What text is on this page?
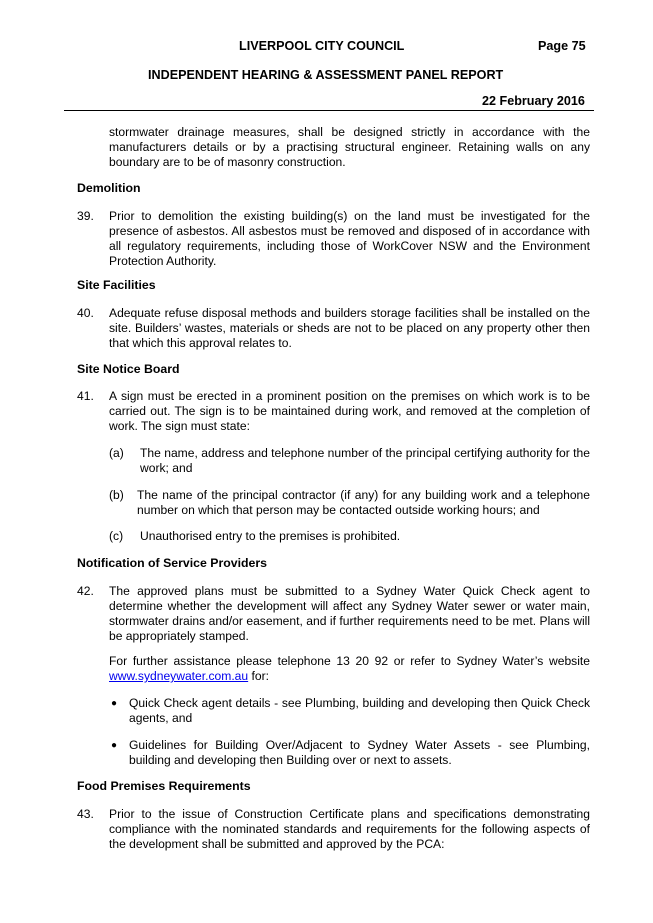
LIVERPOOL CITY COUNCIL	Page 75
INDEPENDENT HEARING & ASSESSMENT PANEL REPORT
22 February 2016
stormwater drainage measures, shall be designed strictly in accordance with the manufacturers details or by a practising structural engineer. Retaining walls on any boundary are to be of masonry construction.
Demolition
39. Prior to demolition the existing building(s) on the land must be investigated for the presence of asbestos. All asbestos must be removed and disposed of in accordance with all regulatory requirements, including those of WorkCover NSW and the Environment Protection Authority.
Site Facilities
40. Adequate refuse disposal methods and builders storage facilities shall be installed on the site. Builders’ wastes, materials or sheds are not to be placed on any property other then that which this approval relates to.
Site Notice Board
41. A sign must be erected in a prominent position on the premises on which work is to be carried out. The sign is to be maintained during work, and removed at the completion of work. The sign must state:
(a) The name, address and telephone number of the principal certifying authority for the work; and
(b) The name of the principal contractor (if any) for any building work and a telephone number on which that person may be contacted outside working hours; and
(c) Unauthorised entry to the premises is prohibited.
Notification of Service Providers
42. The approved plans must be submitted to a Sydney Water Quick Check agent to determine whether the development will affect any Sydney Water sewer or water main, stormwater drains and/or easement, and if further requirements need to be met. Plans will be appropriately stamped.
For further assistance please telephone 13 20 92 or refer to Sydney Water’s website www.sydneywater.com.au for:
● Quick Check agent details - see Plumbing, building and developing then Quick Check agents, and
● Guidelines for Building Over/Adjacent to Sydney Water Assets - see Plumbing, building and developing then Building over or next to assets.
Food Premises Requirements
43. Prior to the issue of Construction Certificate plans and specifications demonstrating compliance with the nominated standards and requirements for the following aspects of the development shall be submitted and approved by the PCA:
